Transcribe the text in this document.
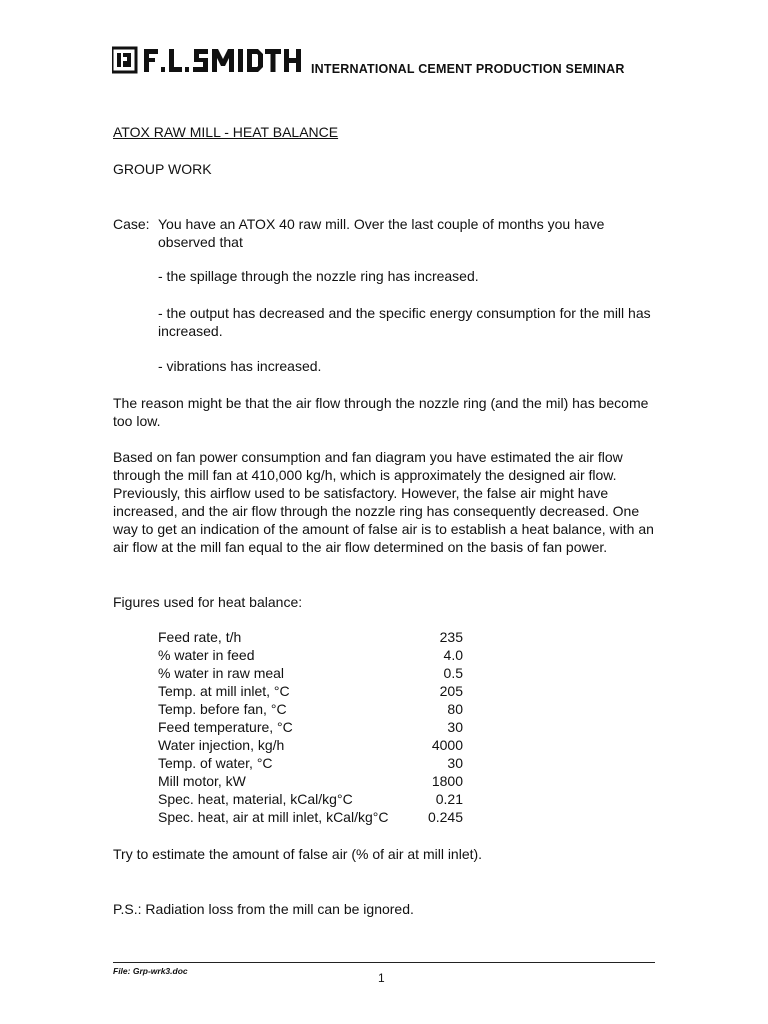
INTERNATIONAL CEMENT PRODUCTION SEMINAR
ATOX RAW MILL - HEAT BALANCE
GROUP WORK
Case: You have an ATOX 40 raw mill. Over the last couple of months you have observed that
- the spillage through the nozzle ring has increased.
- the output has decreased and the specific energy consumption for the mill has increased.
- vibrations has increased.
The reason might be that the air flow through the nozzle ring (and the mil) has become too low.
Based on fan power consumption and fan diagram you have estimated the air flow through the mill fan at 410,000 kg/h, which is approximately the designed air flow. Previously, this airflow used to be satisfactory. However, the false air might have increased, and the air flow through the nozzle ring has consequently decreased. One way to get an indication of the amount of false air is to establish a heat balance, with an air flow at the mill fan equal to the air flow determined on the basis of fan power.
Figures used for heat balance:
Feed rate, t/h	235
% water in feed	4.0
% water in raw meal	0.5
Temp. at mill inlet, °C	205
Temp. before fan, °C	80
Feed temperature, °C	30
Water injection, kg/h	4000
Temp. of water, °C	30
Mill motor, kW	1800
Spec. heat, material, kCal/kg°C	0.21
Spec. heat, air at mill inlet, kCal/kg°C	0.245
Try to estimate the amount of false air (% of air at mill inlet).
P.S.: Radiation loss from the mill can be ignored.
File: Grp-wrk3.doc	1
